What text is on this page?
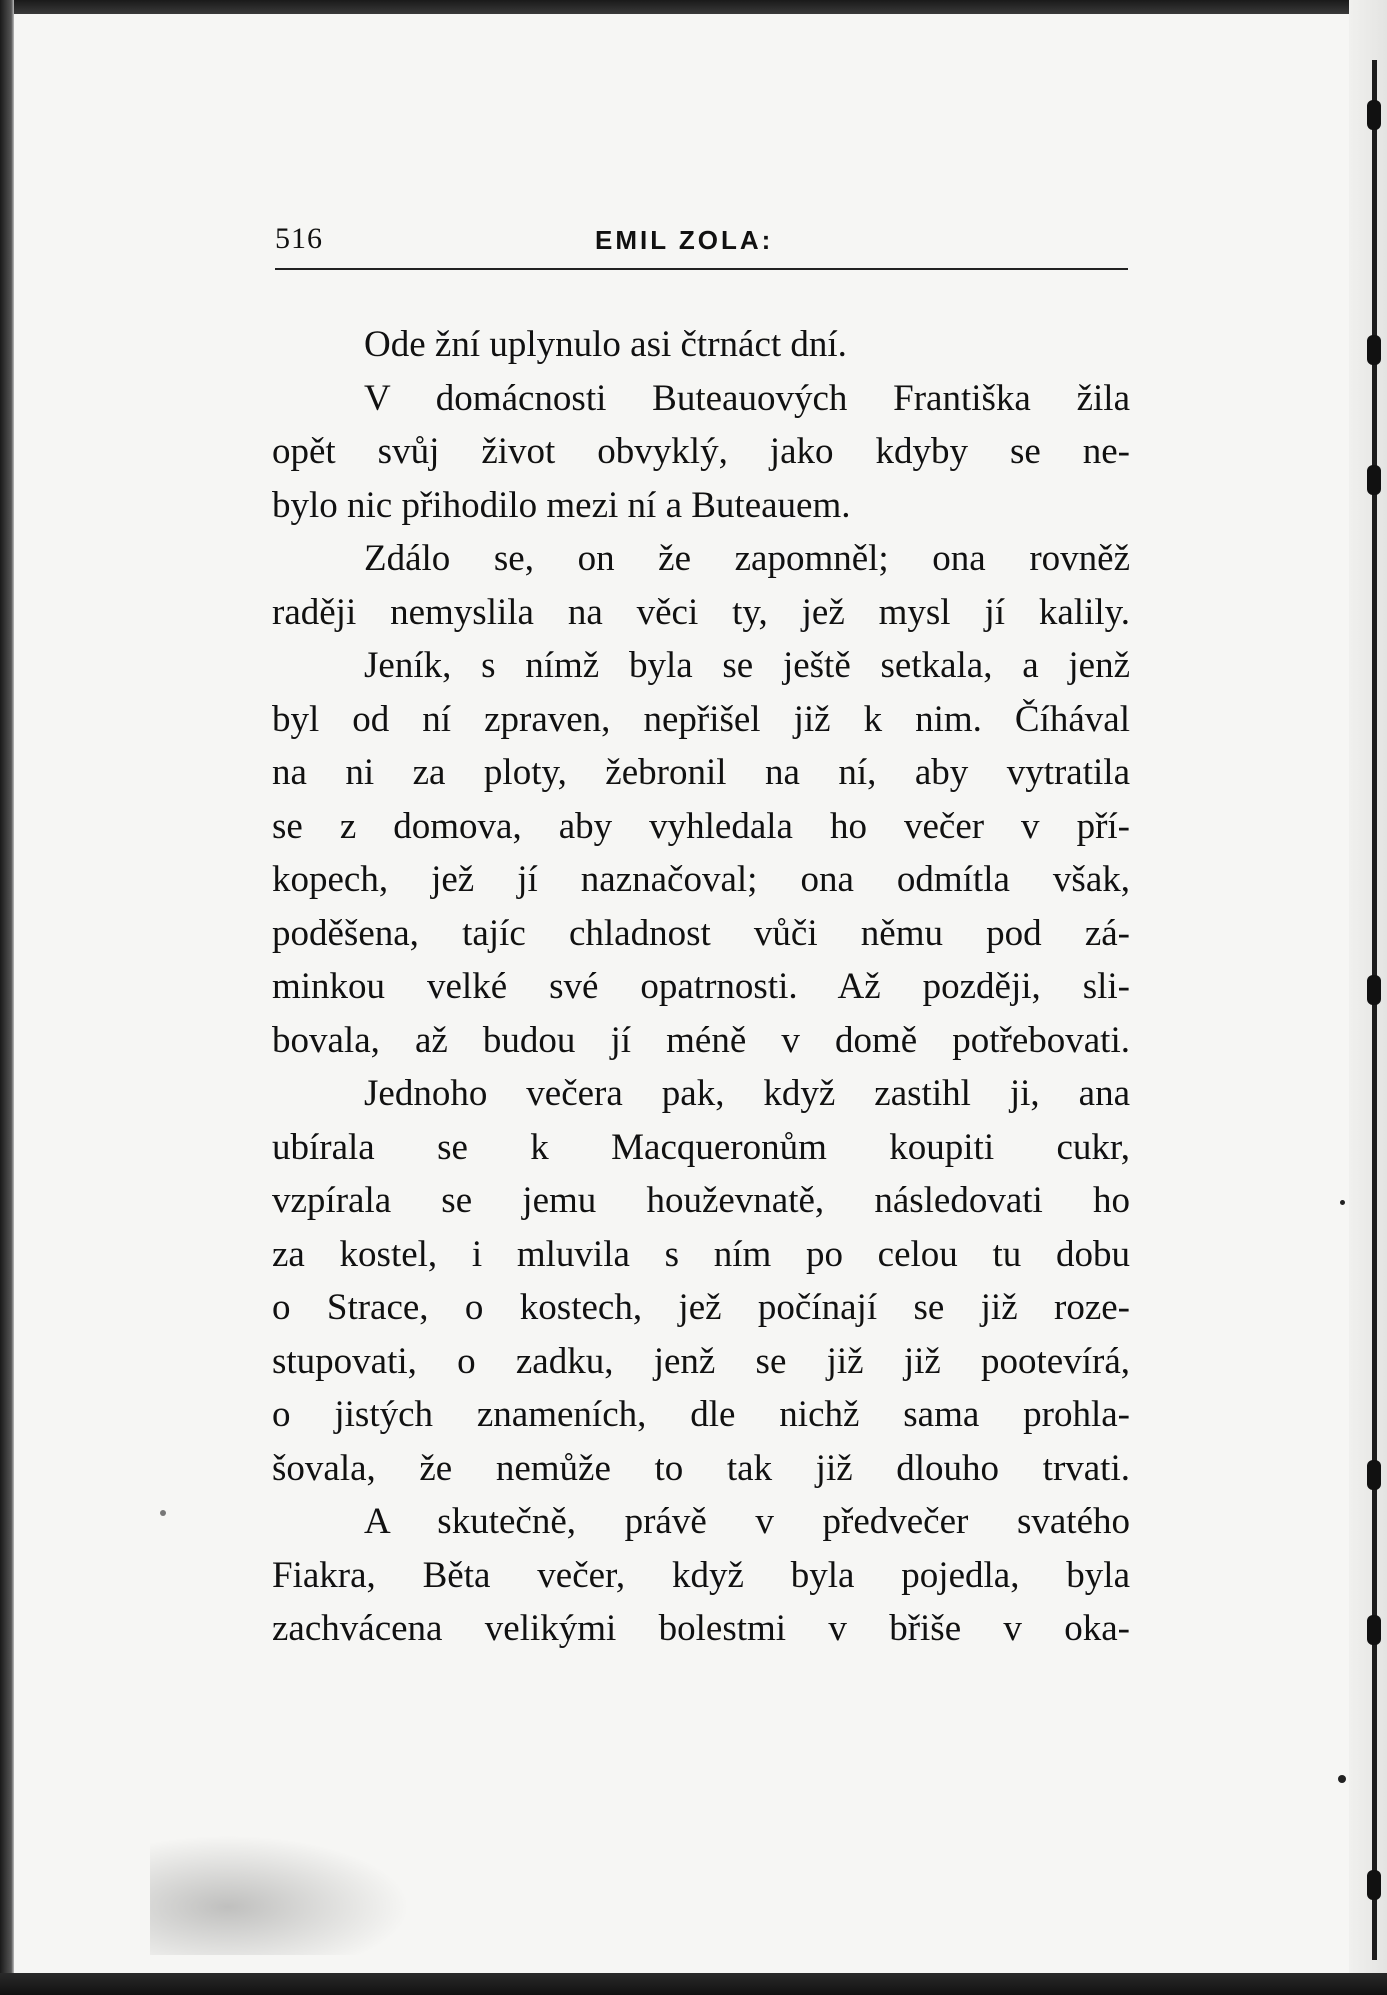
516	EMIL ZOLA:
Ode žní uplynulo asi čtrnáct dní.
V domácnosti Buteauových Františka žila
opět svůj život obvyklý, jako kdyby se ne-
bylo nic přihodilo mezi ní a Buteauem.
Zdálo se, on že zapomněl; ona rovněž
raději nemyslila na věci ty, jež mysl jí kalily.
Jeník, s nímž byla se ještě setkala, a jenž
byl od ní zpraven, nepřišel již k nim. Číhával
na ni za ploty, žebronil na ní, aby vytratila
se z domova, aby vyhledala ho večer v pří-
kopech, jež jí naznačoval; ona odmítla však,
poděšena, tajíc chladnost vůči němu pod zá-
minkou velké své opatrnosti. Až později, sli-
bovala, až budou jí méně v domě potřebovati.
Jednoho večera pak, když zastihl ji, ana
ubírala se k Macqueronům koupiti cukr,
vzpírala se jemu houževnatě, následovati ho
za kostel, i mluvila s ním po celou tu dobu
o Strace, o kostech, jež počínají se již roze-
stupovati, o zadku, jenž se již již pootevírá,
o jistých znameních, dle nichž sama prohla-
šovala, že nemůže to tak již dlouho trvati.
A skutečně, právě v předvečer svatého
Fiakra, Běta večer, když byla pojedla, byla
zachvácena velikými bolestmi v břiše v oka-
